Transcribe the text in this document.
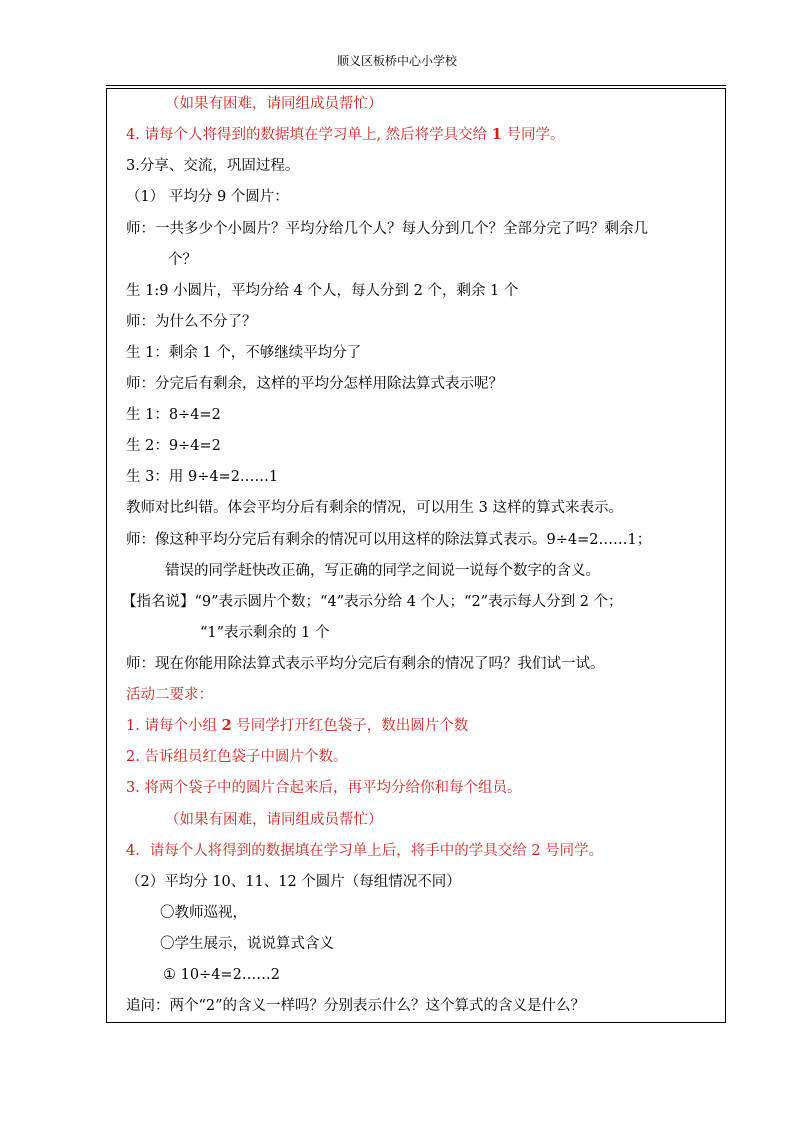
顺义区板桥中心小学校
（如果有困难，请同组成员帮忙）
4. 请每个人将得到的数据填在学习单上, 然后将学具交给 1 号同学。
3.分享、交流，巩固过程。
（1） 平均分 9 个圆片：
师：一共多少个小圆片？平均分给几个人？每人分到几个？全部分完了吗？剩余几
个？
生 1:9 小圆片，平均分给 4 个人，每人分到 2 个，剩余 1 个
师：为什么不分了？
生 1：剩余 1 个，不够继续平均分了
师：分完后有剩余，这样的平均分怎样用除法算式表示呢？
生 1：8÷4=2
生 2：9÷4=2
生 3：用 9÷4=2……1
教师对比纠错。体会平均分后有剩余的情况，可以用生 3 这样的算式来表示。
师：像这种平均分完后有剩余的情况可以用这样的除法算式表示。9÷4=2……1；
错误的同学赶快改正确，写正确的同学之间说一说每个数字的含义。
【指名说】“9”表示圆片个数；“4”表示分给 4 个人；“2”表示每人分到 2 个；
“1”表示剩余的 1 个
师：现在你能用除法算式表示平均分完后有剩余的情况了吗？我们试一试。
活动二要求：
1. 请每个小组 2 号同学打开红色袋子，数出圆片个数
2. 告诉组员红色袋子中圆片个数。
3. 将两个袋子中的圆片合起来后，再平均分给你和每个组员。
（如果有困难，请同组成员帮忙）
4．请每个人将得到的数据填在学习单上后，将手中的学具交给 2 号同学。
（2）平均分 10、11、12 个圆片（每组情况不同）
〇教师巡视，
〇学生展示，说说算式含义
① 10÷4=2……2
追问：两个“2”的含义一样吗？分别表示什么？这个算式的含义是什么？
